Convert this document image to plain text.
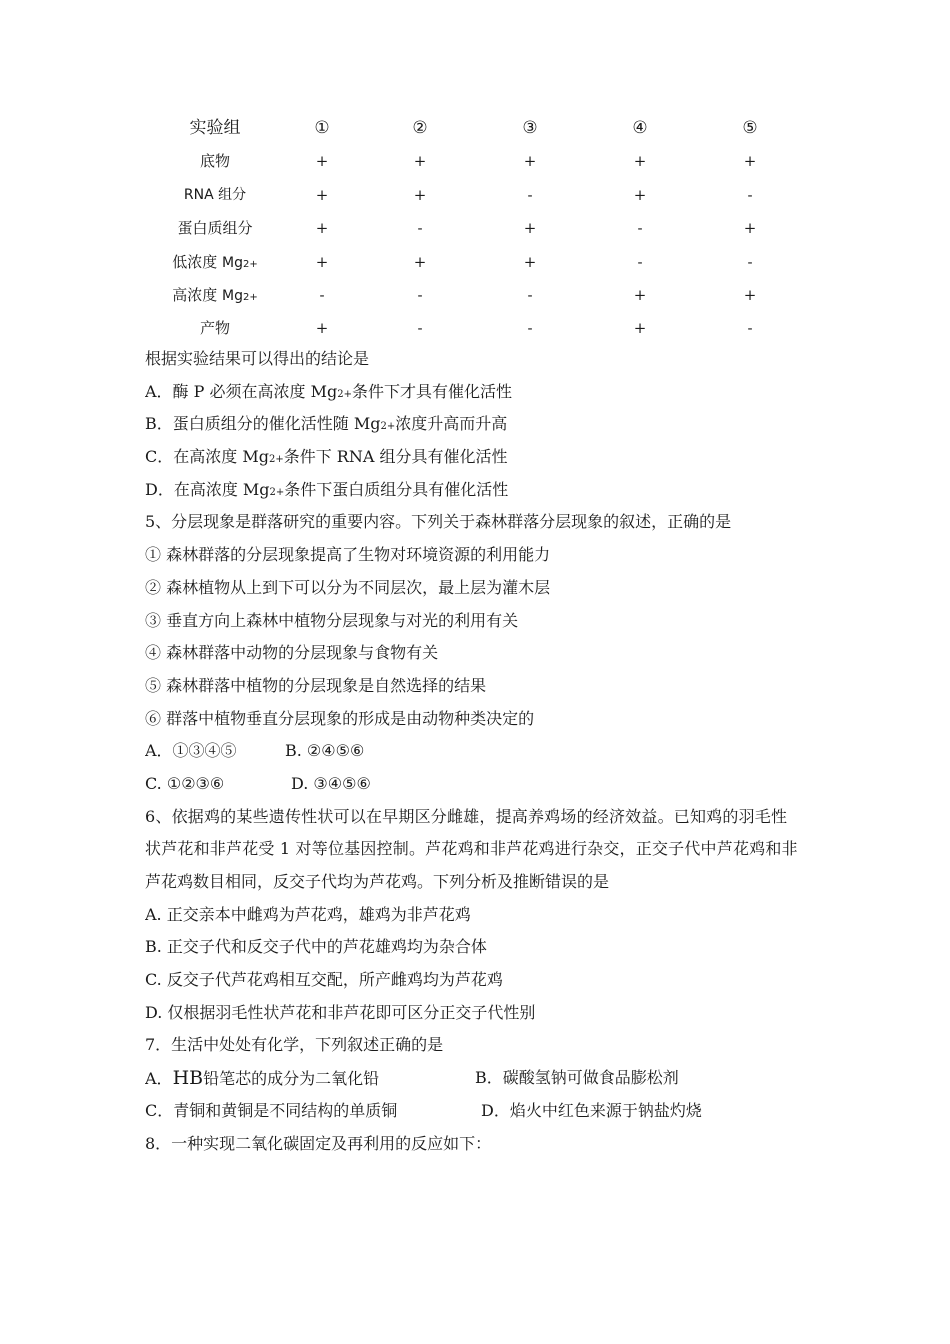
实验组	①	②	③	④	⑤
底物	+	+	+	+	+
RNA 组分	+	+	-	+	-
蛋白质组分	+	-	+	-	+
低浓度 Mg2+	+	+	+	-	-
高浓度 Mg2+	-	-	-	+	+
产物	+	-	-	+	-
根据实验结果可以得出的结论是
A．酶 P 必须在高浓度 Mg2+条件下才具有催化活性
B．蛋白质组分的催化活性随 Mg2+浓度升高而升高
C．在高浓度 Mg2+条件下 RNA 组分具有催化活性
D．在高浓度 Mg2+条件下蛋白质组分具有催化活性
5、分层现象是群落研究的重要内容。下列关于森林群落分层现象的叙述，正确的是
① 森林群落的分层现象提高了生物对环境资源的利用能力
② 森林植物从上到下可以分为不同层次，最上层为灌木层
③ 垂直方向上森林中植物分层现象与对光的利用有关
④ 森林群落中动物的分层现象与食物有关
⑤ 森林群落中植物的分层现象是自然选择的结果
⑥ 群落中植物垂直分层现象的形成是由动物种类决定的
A．①③④⑤	B. ②④⑤⑥
C. ①②③⑥	D. ③④⑤⑥
6、依据鸡的某些遗传性状可以在早期区分雌雄，提高养鸡场的经济效益。已知鸡的羽毛性
状芦花和非芦花受 1 对等位基因控制。芦花鸡和非芦花鸡进行杂交，正交子代中芦花鸡和非
芦花鸡数目相同，反交子代均为芦花鸡。下列分析及推断错误的是
A. 正交亲本中雌鸡为芦花鸡，雄鸡为非芦花鸡
B. 正交子代和反交子代中的芦花雄鸡均为杂合体
C. 反交子代芦花鸡相互交配，所产雌鸡均为芦花鸡
D. 仅根据羽毛性状芦花和非芦花即可区分正交子代性别
7．生活中处处有化学，下列叙述正确的是
A．HB铅笔芯的成分为二氧化铅	B．碳酸氢钠可做食品膨松剂
C．青铜和黄铜是不同结构的单质铜	D．焰火中红色来源于钠盐灼烧
8．一种实现二氧化碳固定及再利用的反应如下：
